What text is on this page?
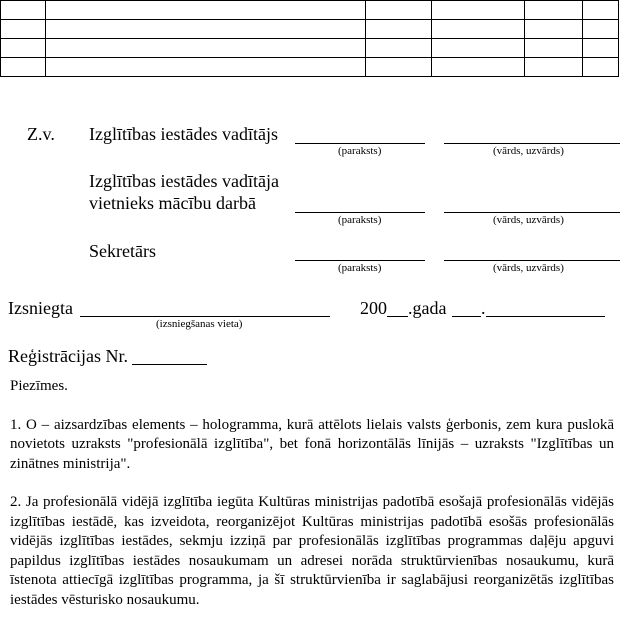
Z.v. Izglītības iestādes vadītājs
(paraksts)	(vārds, uzvārds)
Izglītības iestādes vadītāja
vietnieks mācību darbā
(paraksts)	(vārds, uzvārds)
Sekretārs
(paraksts)	(vārds, uzvārds)
Izsniegta
(izsniegšanas vieta)
200 .gada .
Reģistrācijas Nr.

Piezīmes.

1. O – aizsardzības elements – hologramma, kurā attēlots lielais valsts ģerbonis, zem kura puslokā novietots uzraksts "profesionālā izglītība", bet fonā horizontālās līnijās – uzraksts "Izglītības un zinātnes ministrija".

2. Ja profesionālā vidējā izglītība iegūta Kultūras ministrijas padotībā esošajā profesionālās vidējās izglītības iestādē, kas izveidota, reorganizējot Kultūras ministrijas padotībā esošās profesionālās vidējās izglītības iestādes, sekmju izziņā par profesionālās izglītības programmas daļēju apguvi papildus izglītības iestādes nosaukumam un adresei norāda struktūrvienības nosaukumu, kurā īstenota attiecīgā izglītības programma, ja šī struktūrvienība ir saglabājusi reorganizētās izglītības iestādes vēsturisko nosaukumu.
